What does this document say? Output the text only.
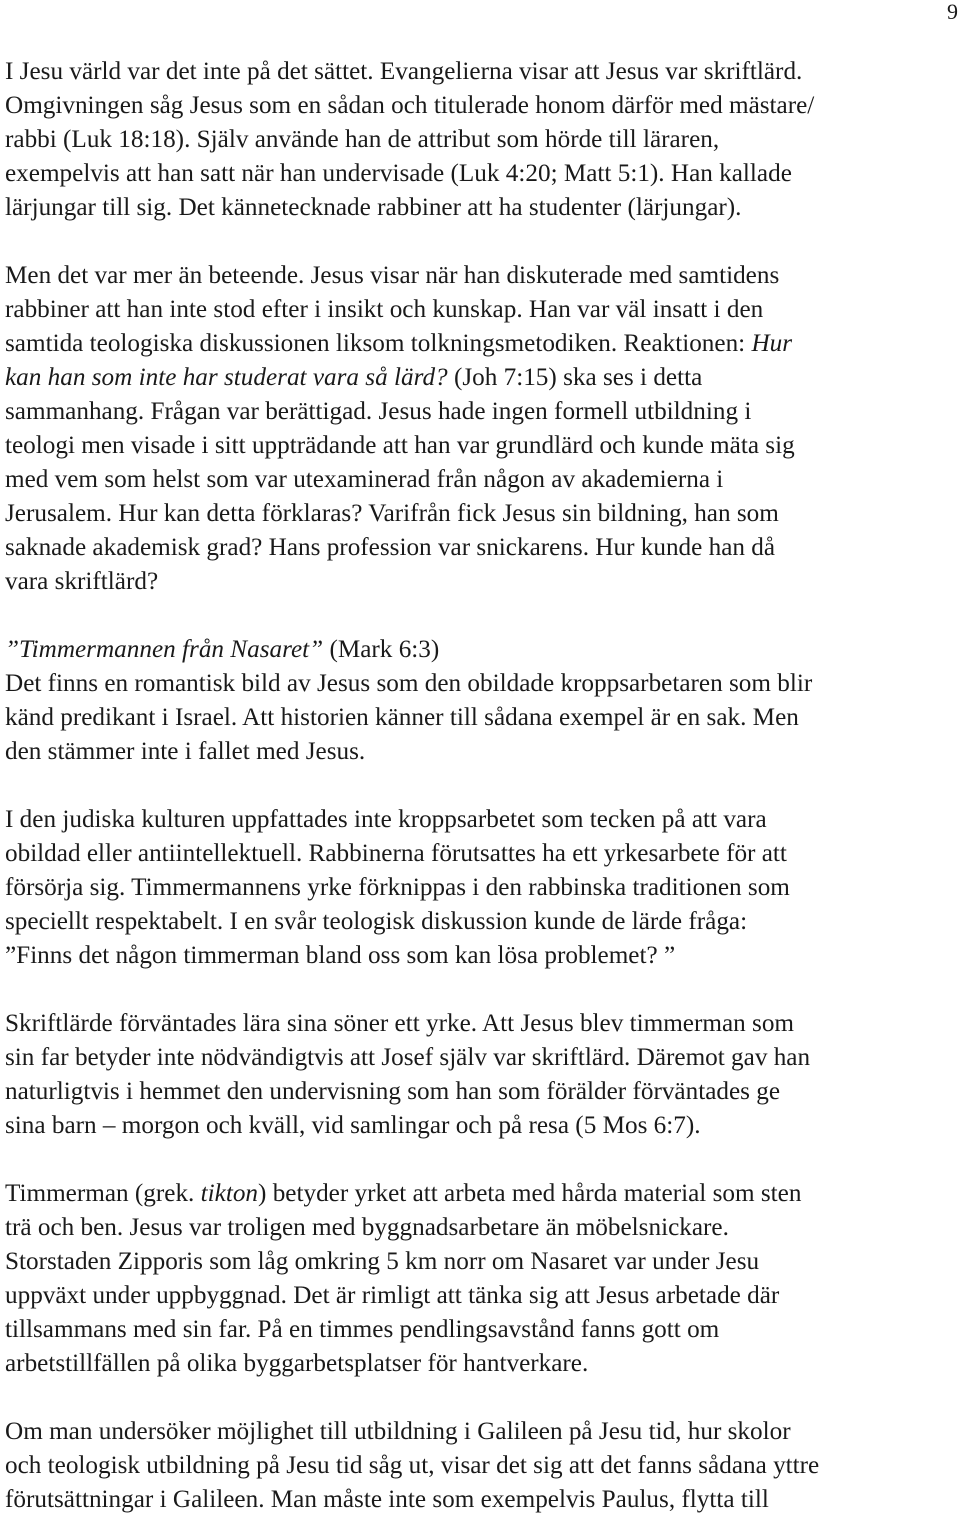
9
I Jesu värld var det inte på det sättet. Evangelierna visar att Jesus var skriftlärd.
Omgivningen såg Jesus som en sådan och titulerade honom därför med mästare/
rabbi (Luk 18:18). Själv använde han de attribut som hörde till läraren,
exempelvis att han satt när han undervisade (Luk 4:20; Matt 5:1). Han kallade
lärjungar till sig. Det kännetecknade rabbiner att ha studenter (lärjungar).
Men det var mer än beteende. Jesus visar när han diskuterade med samtidens
rabbiner att han inte stod efter i insikt och kunskap. Han var väl insatt i den
samtida teologiska diskussionen liksom tolkningsmetodiken. Reaktionen: Hur
kan han som inte har studerat vara så lärd? (Joh 7:15) ska ses i detta
sammanhang. Frågan var berättigad. Jesus hade ingen formell utbildning i
teologi men visade i sitt uppträdande att han var grundlärd och kunde mäta sig
med vem som helst som var utexaminerad från någon av akademierna i
Jerusalem. Hur kan detta förklaras? Varifrån fick Jesus sin bildning, han som
saknade akademisk grad? Hans profession var snickarens. Hur kunde han då
vara skriftlärd?
”Timmermannen från Nasaret” (Mark 6:3)
Det finns en romantisk bild av Jesus som den obildade kroppsarbetaren som blir
känd predikant i Israel. Att historien känner till sådana exempel är en sak. Men
den stämmer inte i fallet med Jesus.
I den judiska kulturen uppfattades inte kroppsarbetet som tecken på att vara
obildad eller antiintellektuell. Rabbinerna förutsattes ha ett yrkesarbete för att
försörja sig. Timmermannens yrke förknippas i den rabbinska traditionen som
speciellt respektabelt. I en svår teologisk diskussion kunde de lärde fråga:
”Finns det någon timmerman bland oss som kan lösa problemet? ”
Skriftlärde förväntades lära sina söner ett yrke. Att Jesus blev timmerman som
sin far betyder inte nödvändigtvis att Josef själv var skriftlärd. Däremot gav han
naturligtvis i hemmet den undervisning som han som förälder förväntades ge
sina barn – morgon och kväll, vid samlingar och på resa (5 Mos 6:7).
Timmerman (grek. tikton) betyder yrket att arbeta med hårda material som sten
trä och ben. Jesus var troligen med byggnadsarbetare än möbelsnickare.
Storstaden Zipporis som låg omkring 5 km norr om Nasaret var under Jesu
uppväxt under uppbyggnad. Det är rimligt att tänka sig att Jesus arbetade där
tillsammans med sin far. På en timmes pendlingsavstånd fanns gott om
arbetstillfällen på olika byggarbetsplatser för hantverkare.
Om man undersöker möjlighet till utbildning i Galileen på Jesu tid, hur skolor
och teologisk utbildning på Jesu tid såg ut, visar det sig att det fanns sådana yttre
förutsättningar i Galileen. Man måste inte som exempelvis Paulus, flytta till
